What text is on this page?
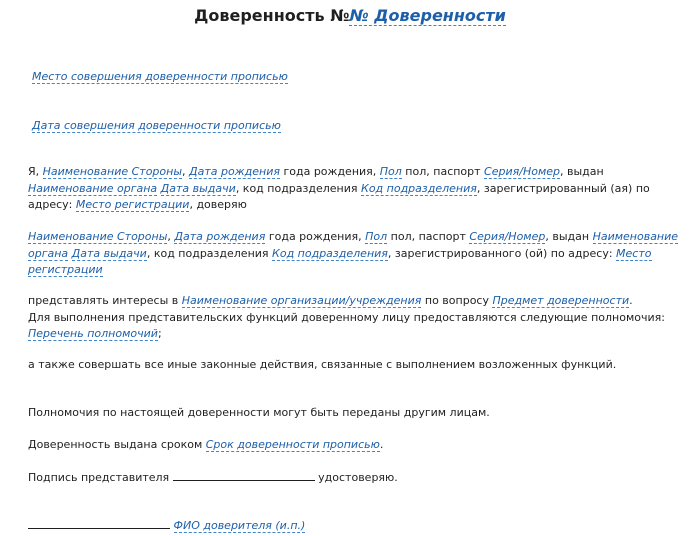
Доверенность №№ Доверенности
Место совершения доверенности прописью
Дата совершения доверенности прописью
Я, Наименование Стороны, Дата рождения года рождения, Пол пол, паспорт Серия/Номер, выдан Наименование органа Дата выдачи, код подразделения Код подразделения, зарегистрированный (ая) по адресу: Место регистрации, доверяю
Наименование Стороны, Дата рождения года рождения, Пол пол, паспорт Серия/Номер, выдан Наименование органа Дата выдачи, код подразделения Код подразделения, зарегистрированного (ой) по адресу: Место регистрации
представлять интересы в Наименование организации/учреждения по вопросу Предмет доверенности.
Для выполнения представительских функций доверенному лицу предоставляются следующие полномочия: Перечень полномочий;
а также совершать все иные законные действия, связанные с выполнением возложенных функций.
Полномочия по настоящей доверенности могут быть переданы другим лицам.
Доверенность выдана сроком Срок доверенности прописью.
Подпись представителя	удостоверяю.
ФИО доверителя (и.п.)
